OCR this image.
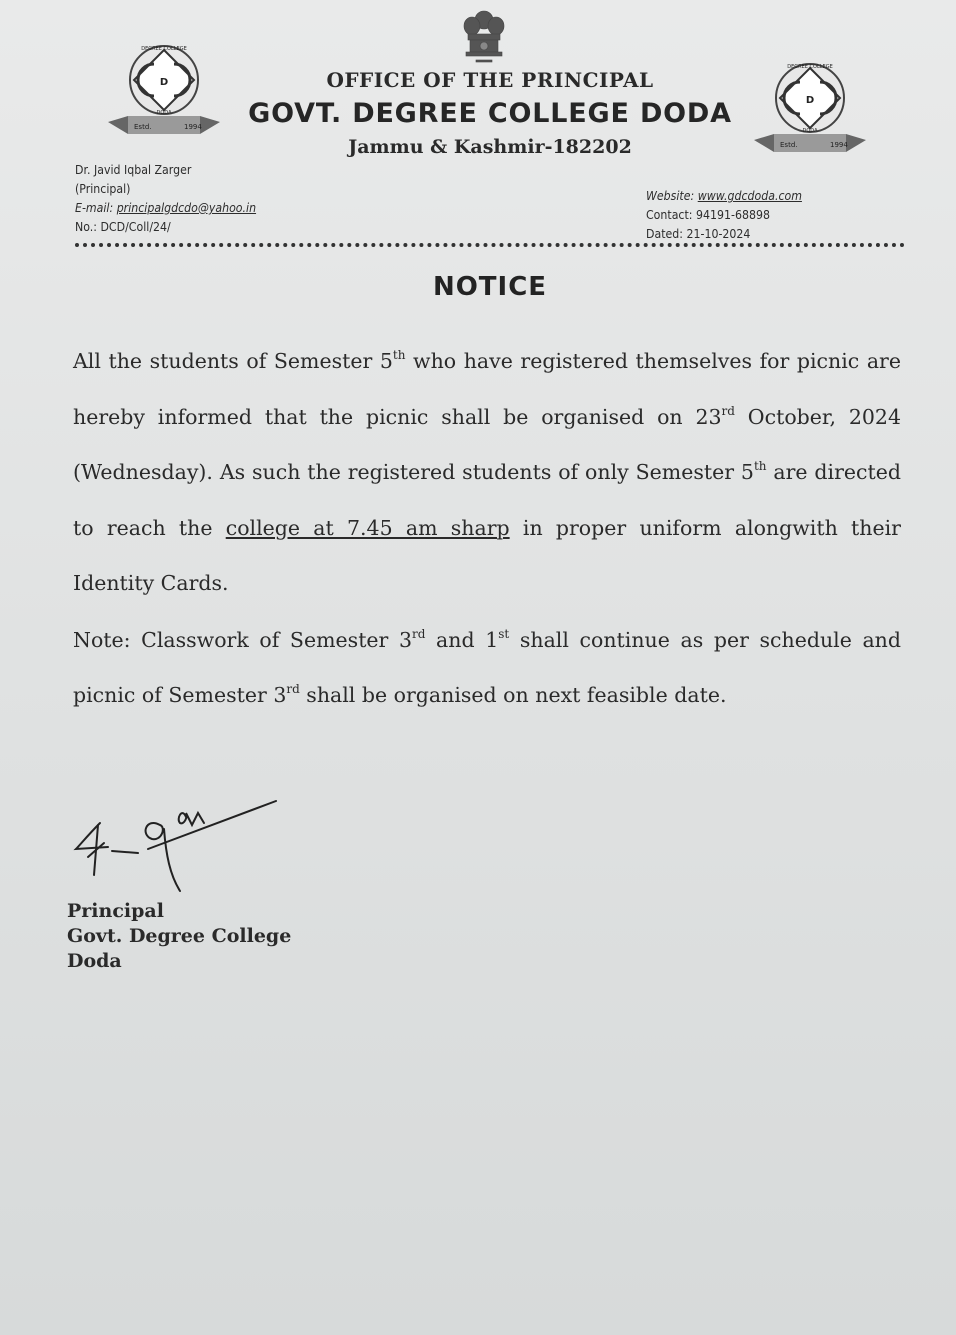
Estd.	1994
D
DEGREE COLLEGE
DODA
Estd.	1994
D
DEGREE COLLEGE
DODA
OFFICE OF THE PRINCIPAL
GOVT. DEGREE COLLEGE DODA
Jammu & Kashmir-182202
Dr. Javid Iqbal Zarger
(Principal)
E-mail: principalgdcdo@yahoo.in
No.: DCD/Coll/24/
Website: www.gdcdoda.com
Contact: 94191-68898
Dated: 21-10-2024
NOTICE

All the students of Semester 5th who have registered themselves for picnic are hereby informed that the picnic shall be organised on 23rd October, 2024 (Wednesday). As such the registered students of only Semester 5th are directed to reach the college at 7.45 am sharp in proper uniform alongwith their Identity Cards.

Note: Classwork of Semester 3rd and 1st shall continue as per schedule and picnic of Semester 3rd shall be organised on next feasible date.

Principal
Govt. Degree College
Doda
